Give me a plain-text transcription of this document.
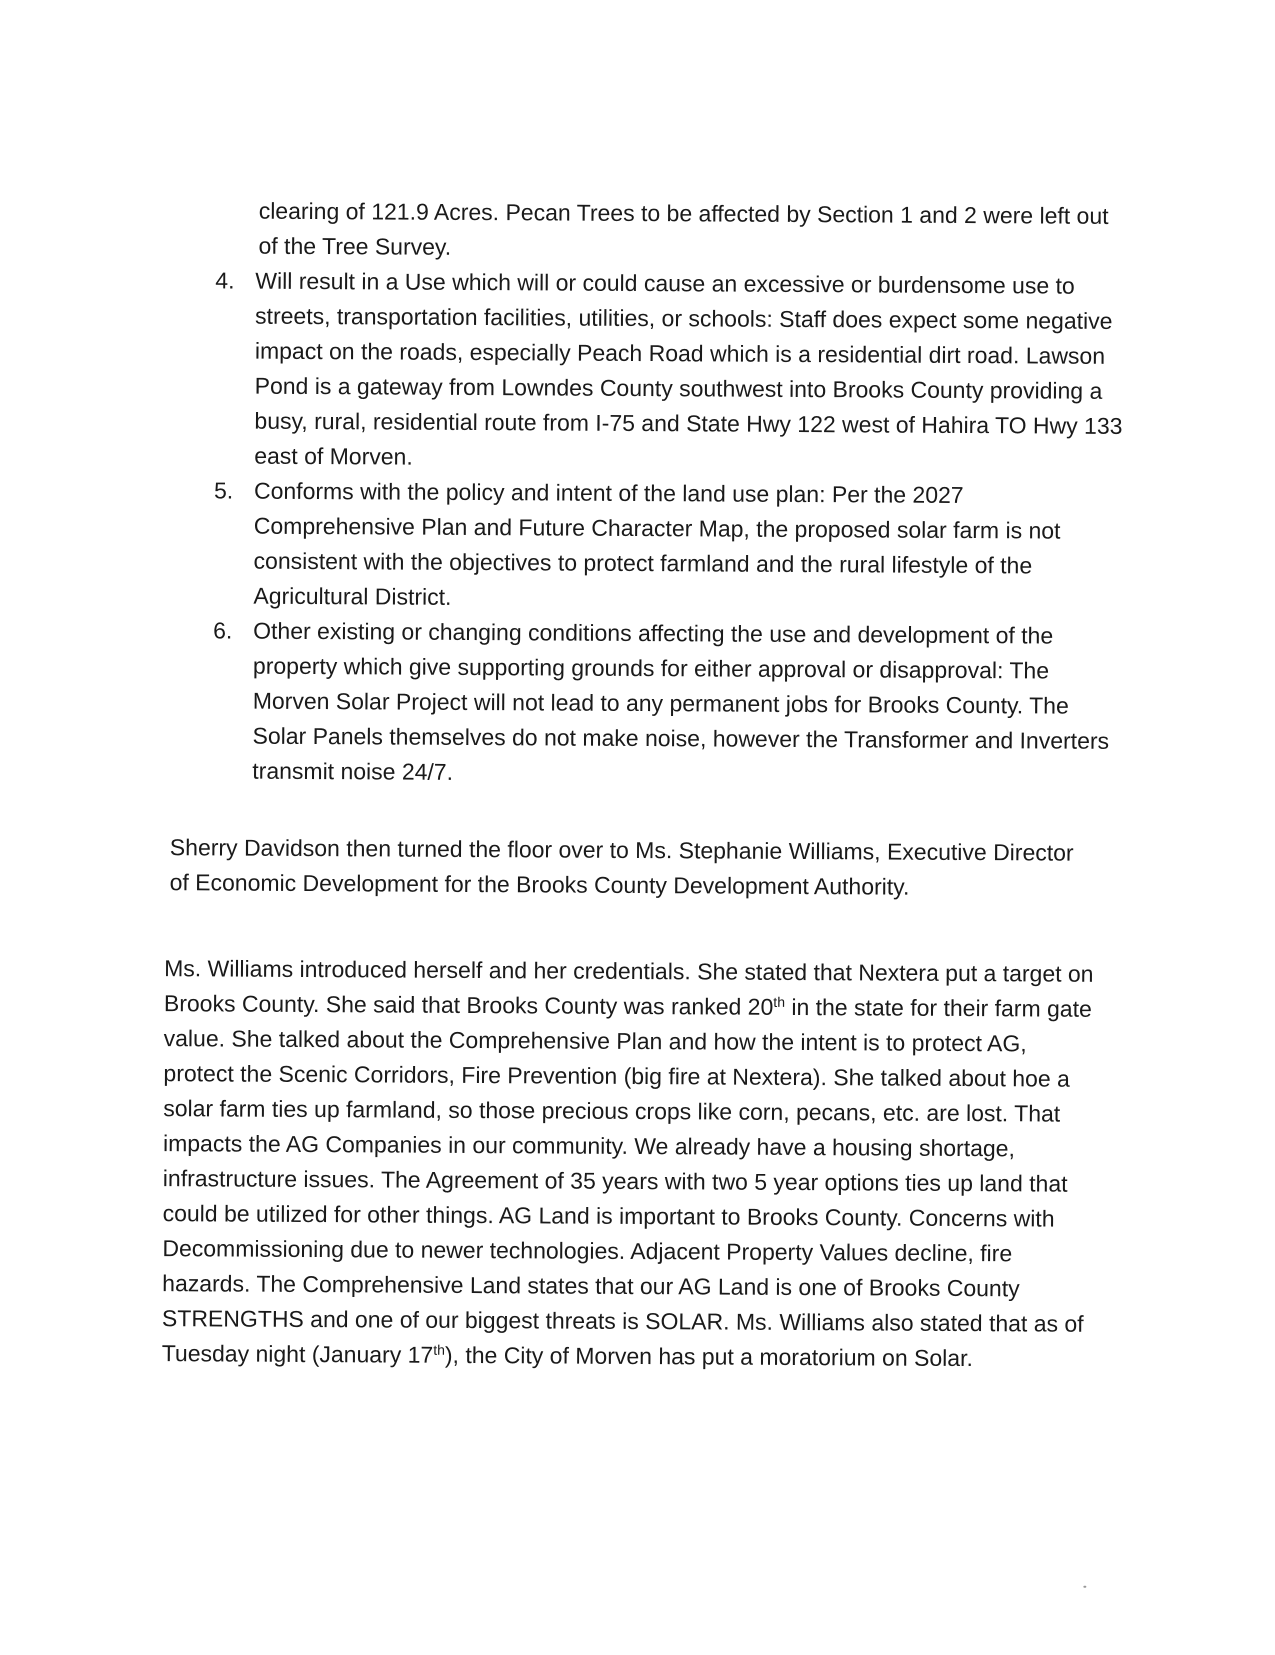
clearing of 121.9 Acres. Pecan Trees to be affected by Section 1 and 2 were left out of the Tree Survey.

4. Will result in a Use which will or could cause an excessive or burdensome use to streets, transportation facilities, utilities, or schools: Staff does expect some negative impact on the roads, especially Peach Road which is a residential dirt road. Lawson Pond is a gateway from Lowndes County southwest into Brooks County providing a busy, rural, residential route from I-75 and State Hwy 122 west of Hahira TO Hwy 133 east of Morven.
5. Conforms with the policy and intent of the land use plan: Per the 2027 Comprehensive Plan and Future Character Map, the proposed solar farm is not consistent with the objectives to protect farmland and the rural lifestyle of the Agricultural District.
6. Other existing or changing conditions affecting the use and development of the property which give supporting grounds for either approval or disapproval: The Morven Solar Project will not lead to any permanent jobs for Brooks County. The Solar Panels themselves do not make noise, however the Transformer and Inverters transmit noise 24/7.

Sherry Davidson then turned the floor over to Ms. Stephanie Williams, Executive Director of Economic Development for the Brooks County Development Authority.

Ms. Williams introduced herself and her credentials. She stated that Nextera put a target on Brooks County. She said that Brooks County was ranked 20th in the state for their farm gate value. She talked about the Comprehensive Plan and how the intent is to protect AG, protect the Scenic Corridors, Fire Prevention (big fire at Nextera). She talked about hoe a solar farm ties up farmland, so those precious crops like corn, pecans, etc. are lost. That impacts the AG Companies in our community. We already have a housing shortage, infrastructure issues. The Agreement of 35 years with two 5 year options ties up land that could be utilized for other things. AG Land is important to Brooks County. Concerns with Decommissioning due to newer technologies. Adjacent Property Values decline, fire hazards. The Comprehensive Land states that our AG Land is one of Brooks County STRENGTHS and one of our biggest threats is SOLAR. Ms. Williams also stated that as of Tuesday night (January 17th), the City of Morven has put a moratorium on Solar.
